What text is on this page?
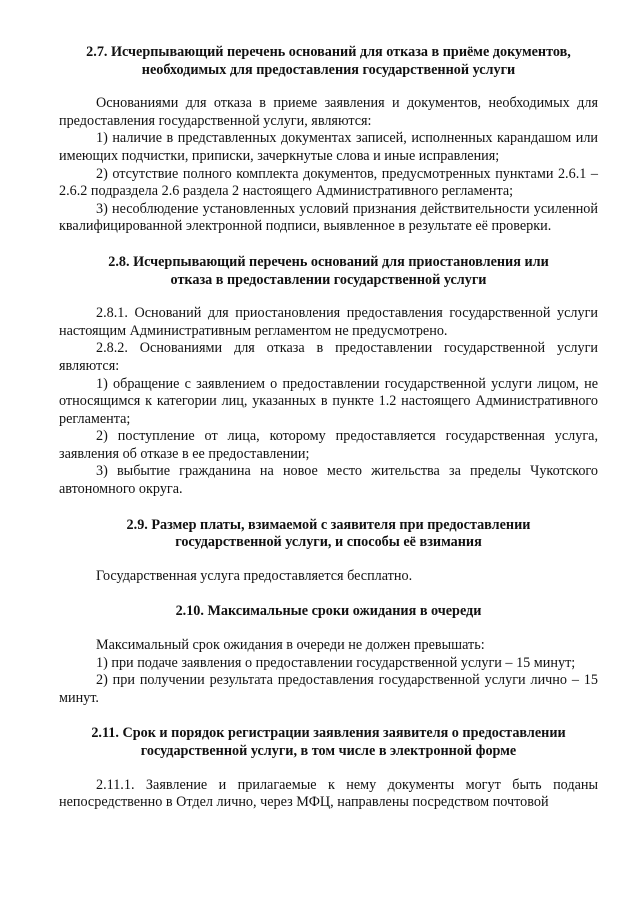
2.7. Исчерпывающий перечень оснований для отказа в приёме документов,
необходимых для предоставления государственной услуги

Основаниями для отказа в приеме заявления и документов, необходимых для предоставления государственной услуги, являются:

1) наличие в представленных документах записей, исполненных карандашом или имеющих подчистки, приписки, зачеркнутые слова и иные исправления;

2) отсутствие полного комплекта документов, предусмотренных пунктами 2.6.1 – 2.6.2 подраздела 2.6 раздела 2 настоящего Административного регламента;

3) несоблюдение установленных условий признания действительности усиленной квалифицированной электронной подписи, выявленное в результате её проверки.

2.8. Исчерпывающий перечень оснований для приостановления или
отказа в предоставлении государственной услуги

2.8.1. Оснований для приостановления предоставления государственной услуги настоящим Административным регламентом не предусмотрено.

2.8.2. Основаниями для отказа в предоставлении государственной услуги являются:

1) обращение с заявлением о предоставлении государственной услуги лицом, не относящимся к категории лиц, указанных в пункте 1.2 настоящего Административного регламента;

2) поступление от лица, которому предоставляется государственная услуга, заявления об отказе в ее предоставлении;

3) выбытие гражданина на новое место жительства за пределы Чукотского автономного округа.

2.9. Размер платы, взимаемой с заявителя при предоставлении
государственной услуги, и способы её взимания

Государственная услуга предоставляется бесплатно.

2.10. Максимальные сроки ожидания в очереди

Максимальный срок ожидания в очереди не должен превышать:

1) при подаче заявления о предоставлении государственной услуги – 15 минут;

2) при получении результата предоставления государственной услуги лично – 15 минут.

2.11. Срок и порядок регистрации заявления заявителя о предоставлении
государственной услуги, в том числе в электронной форме

2.11.1. Заявление и прилагаемые к нему документы могут быть поданы непосредственно в Отдел лично, через МФЦ, направлены посредством почтовой
